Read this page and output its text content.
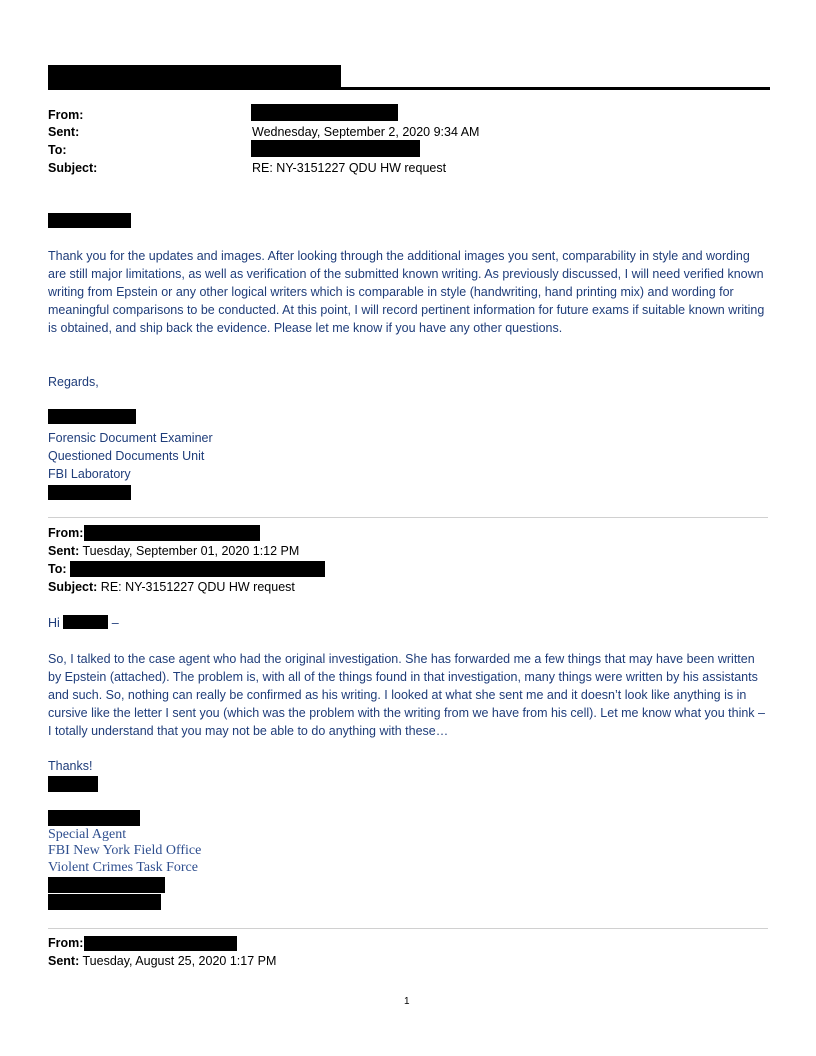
From:
Sent:	Wednesday, September 2, 2020 9:34 AM
To:
Subject:	RE: NY-3151227 QDU HW request
Thank you for the updates and images. After looking through the additional images you sent, comparability in style and wording are still major limitations, as well as verification of the submitted known writing. As previously discussed, I will need verified known writing from Epstein or any other logical writers which is comparable in style (handwriting, hand printing mix) and wording for meaningful comparisons to be conducted. At this point, I will record pertinent information for future exams if suitable known writing is obtained, and ship back the evidence. Please let me know if you have any other questions.
Regards,
Forensic Document Examiner
Questioned Documents Unit
FBI Laboratory
From:
Sent: Tuesday, September 01, 2020 1:12 PM
To:
Subject: RE: NY-3151227 QDU HW request
Hi	–
So, I talked to the case agent who had the original investigation. She has forwarded me a few things that may have been written by Epstein (attached). The problem is, with all of the things found in that investigation, many things were written by his assistants and such. So, nothing can really be confirmed as his writing. I looked at what she sent me and it doesn’t look like anything is in cursive like the letter I sent you (which was the problem with the writing from we have from his cell). Let me know what you think – I totally understand that you may not be able to do anything with these…
Thanks!
Special Agent
FBI New York Field Office
Violent Crimes Task Force
From:
Sent: Tuesday, August 25, 2020 1:17 PM
1
